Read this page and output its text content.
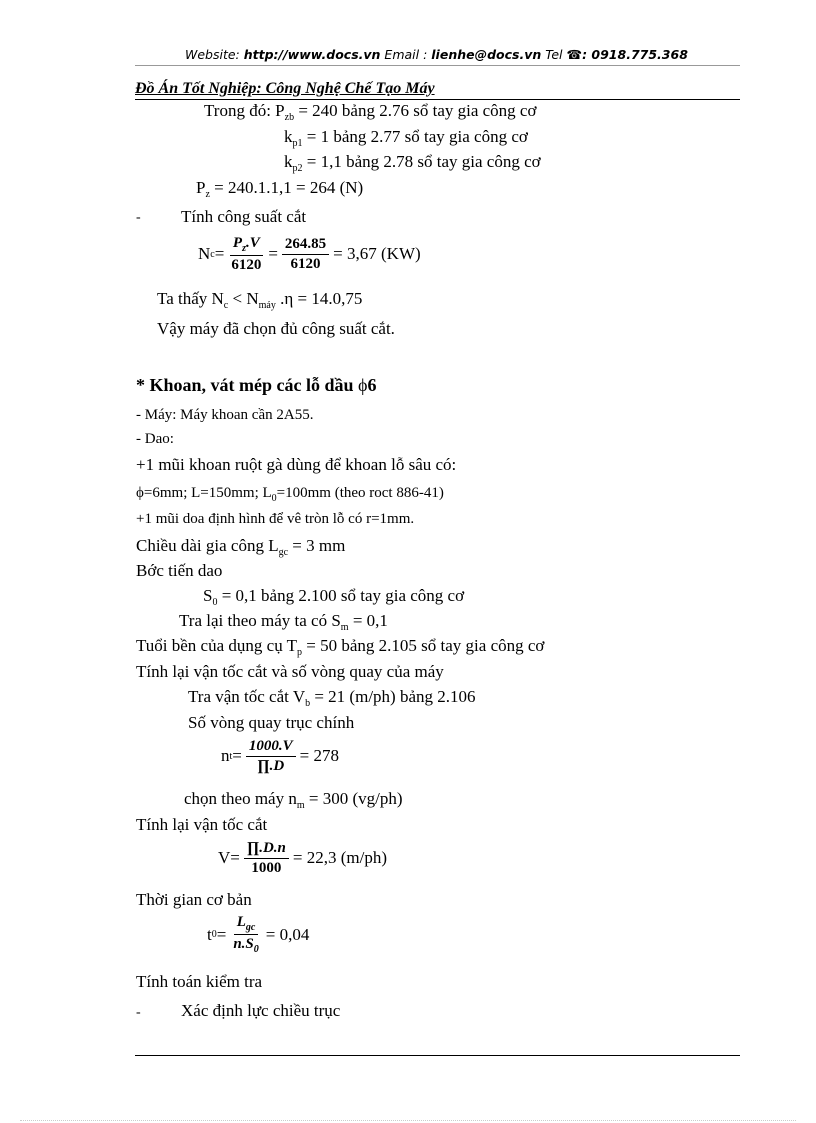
Website: http://www.docs.vn Email : lienhe@docs.vn Tel ☎: 0918.775.368
Đồ Án Tốt Nghiệp: Công Nghệ Chế Tạo Máy
Trong đó: $P_{zb} = 240$ bảng 2.76 sổ tay gia công cơ
$k_{p1} = 1$ bảng 2.77 sổ tay gia công cơ
$k_{p2} = 1,1$ bảng 2.78 sổ tay gia công cơ
$P_z = 240.1.1,1 = 264$ (N)
- Tính công suất cắt
N $c = \frac{P_z.V}{6120} = \frac{264.85}{6120} = 3,67$ (KW)
Ta thấy $N_c < N_{máy}$ .η = 14.0,75
Vậy máy đã chọn đủ công suất cắt.
* Khoan, vát mép các lỗ dầu ϕ6
- Máy: Máy khoan cần 2A55.
- Dao:
+1 mũi khoan ruột gà dùng để khoan lỗ sâu có:
ϕ=6mm; L=150mm; $L_0=100mm$ (theo roct 886-41)
+1 mũi doa định hình để vê tròn lỗ có r=1mm.
Chiều dài gia công $L_{gc} = 3$ mm
Bớc tiến dao
$S_0 = 0,1$ bảng 2.100 sổ tay gia công cơ
Tra lại theo máy ta có $S_m = 0,1$
Tuổi bền của dụng cụ $T_p = 50$ bảng 2.105 sổ tay gia công cơ
Tính lại vận tốc cắt và số vòng quay của máy
Tra vận tốc cắt $V_b = 21$ (m/ph) bảng 2.106
Số vòng quay trục chính
n $t = \frac{1000.V}{\prod.D} = 278$
chọn theo máy $n_m = 300$ (vg/ph)
Tính lại vận tốc cắt
$V = \frac{\prod.D.n}{1000} = 22,3$ (m/ph)
Thời gian cơ bản
t $0 = \frac{L_{gc}}{n.S_0} = 0,04$
Tính toán kiểm tra
- Xác định lực chiều trục
